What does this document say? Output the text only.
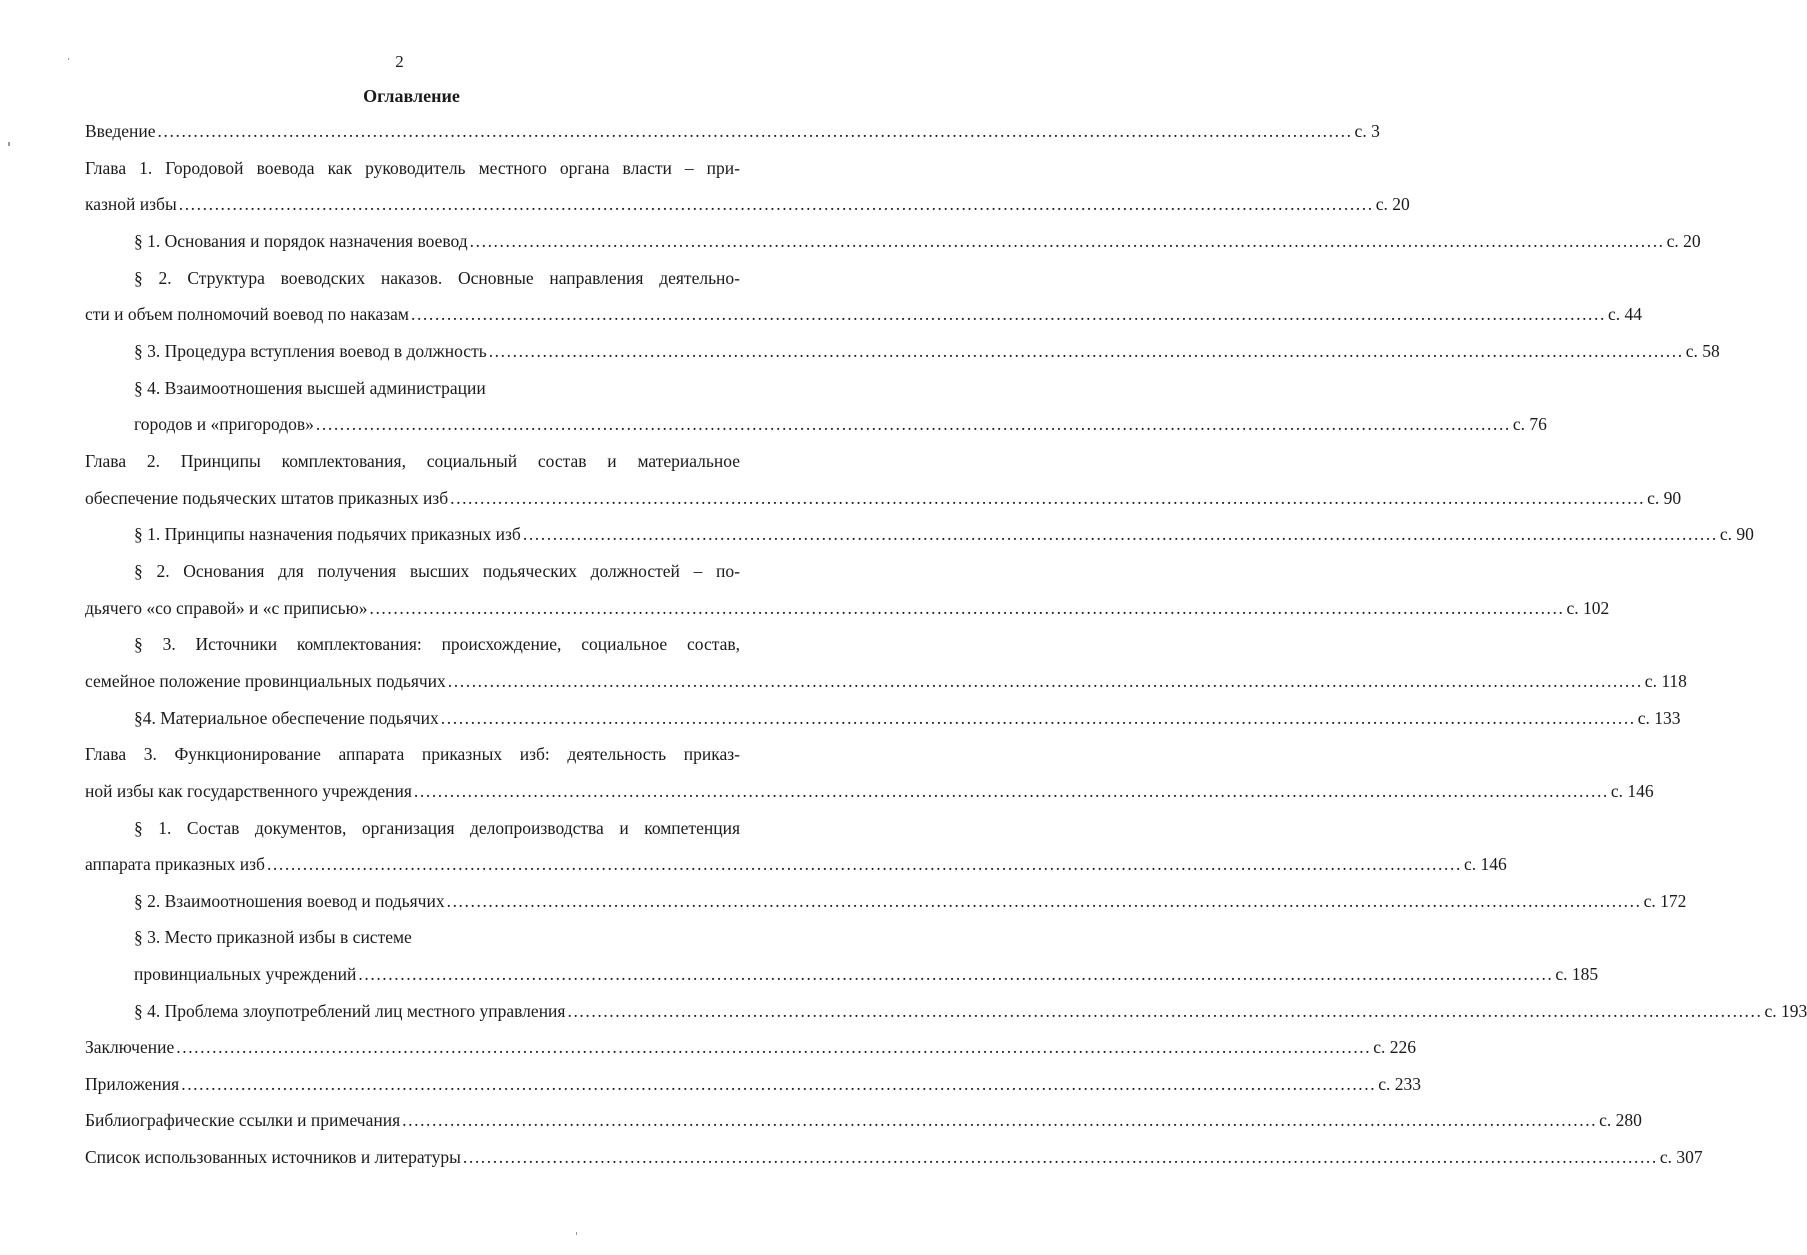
2
Оглавление
Введение ........................................................................................................................................................................................................ с. 3
Глава 1. Городовой воевода как руководитель местного органа власти – при-
казной избы ........................................................................................................................................................................................................ с. 20
§ 1. Основания и порядок назначения воевод ........................................................................................................................................................................................................ с. 20
§ 2. Структура воеводских наказов. Основные направления деятельно-
сти и объем полномочий воевод по наказам ........................................................................................................................................................................................................ с. 44
§ 3. Процедура вступления воевод в должность ........................................................................................................................................................................................................ с. 58
§ 4. Взаимоотношения высшей администрации
городов и «пригородов» ........................................................................................................................................................................................................ с. 76
Глава 2. Принципы комплектования, социальный состав и материальное
обеспечение подьяческих штатов приказных изб ........................................................................................................................................................................................................ с. 90
§ 1. Принципы назначения подьячих приказных изб ........................................................................................................................................................................................................ с. 90
§ 2. Основания для получения высших подьяческих должностей – по-
дьячего «со справой» и «с приписью» ........................................................................................................................................................................................................ с. 102
§ 3. Источники комплектования: происхождение, социальное состав,
семейное положение провинциальных подьячих ........................................................................................................................................................................................................ с. 118
§4. Материальное обеспечение подьячих ........................................................................................................................................................................................................ с. 133
Глава 3. Функционирование аппарата приказных изб: деятельность приказ-
ной избы как государственного учреждения ........................................................................................................................................................................................................ с. 146
§ 1. Состав документов, организация делопроизводства и компетенция
аппарата приказных изб ........................................................................................................................................................................................................ с. 146
§ 2. Взаимоотношения воевод и подьячих ........................................................................................................................................................................................................ с. 172
§ 3. Место приказной избы в системе
провинциальных учреждений ........................................................................................................................................................................................................ с. 185
§ 4. Проблема злоупотреблений лиц местного управления ........................................................................................................................................................................................................ с. 193
Заключение ........................................................................................................................................................................................................ с. 226
Приложения ........................................................................................................................................................................................................ с. 233
Библиографические ссылки и примечания ........................................................................................................................................................................................................ с. 280
Список использованных источников и литературы ........................................................................................................................................................................................................ с. 307
